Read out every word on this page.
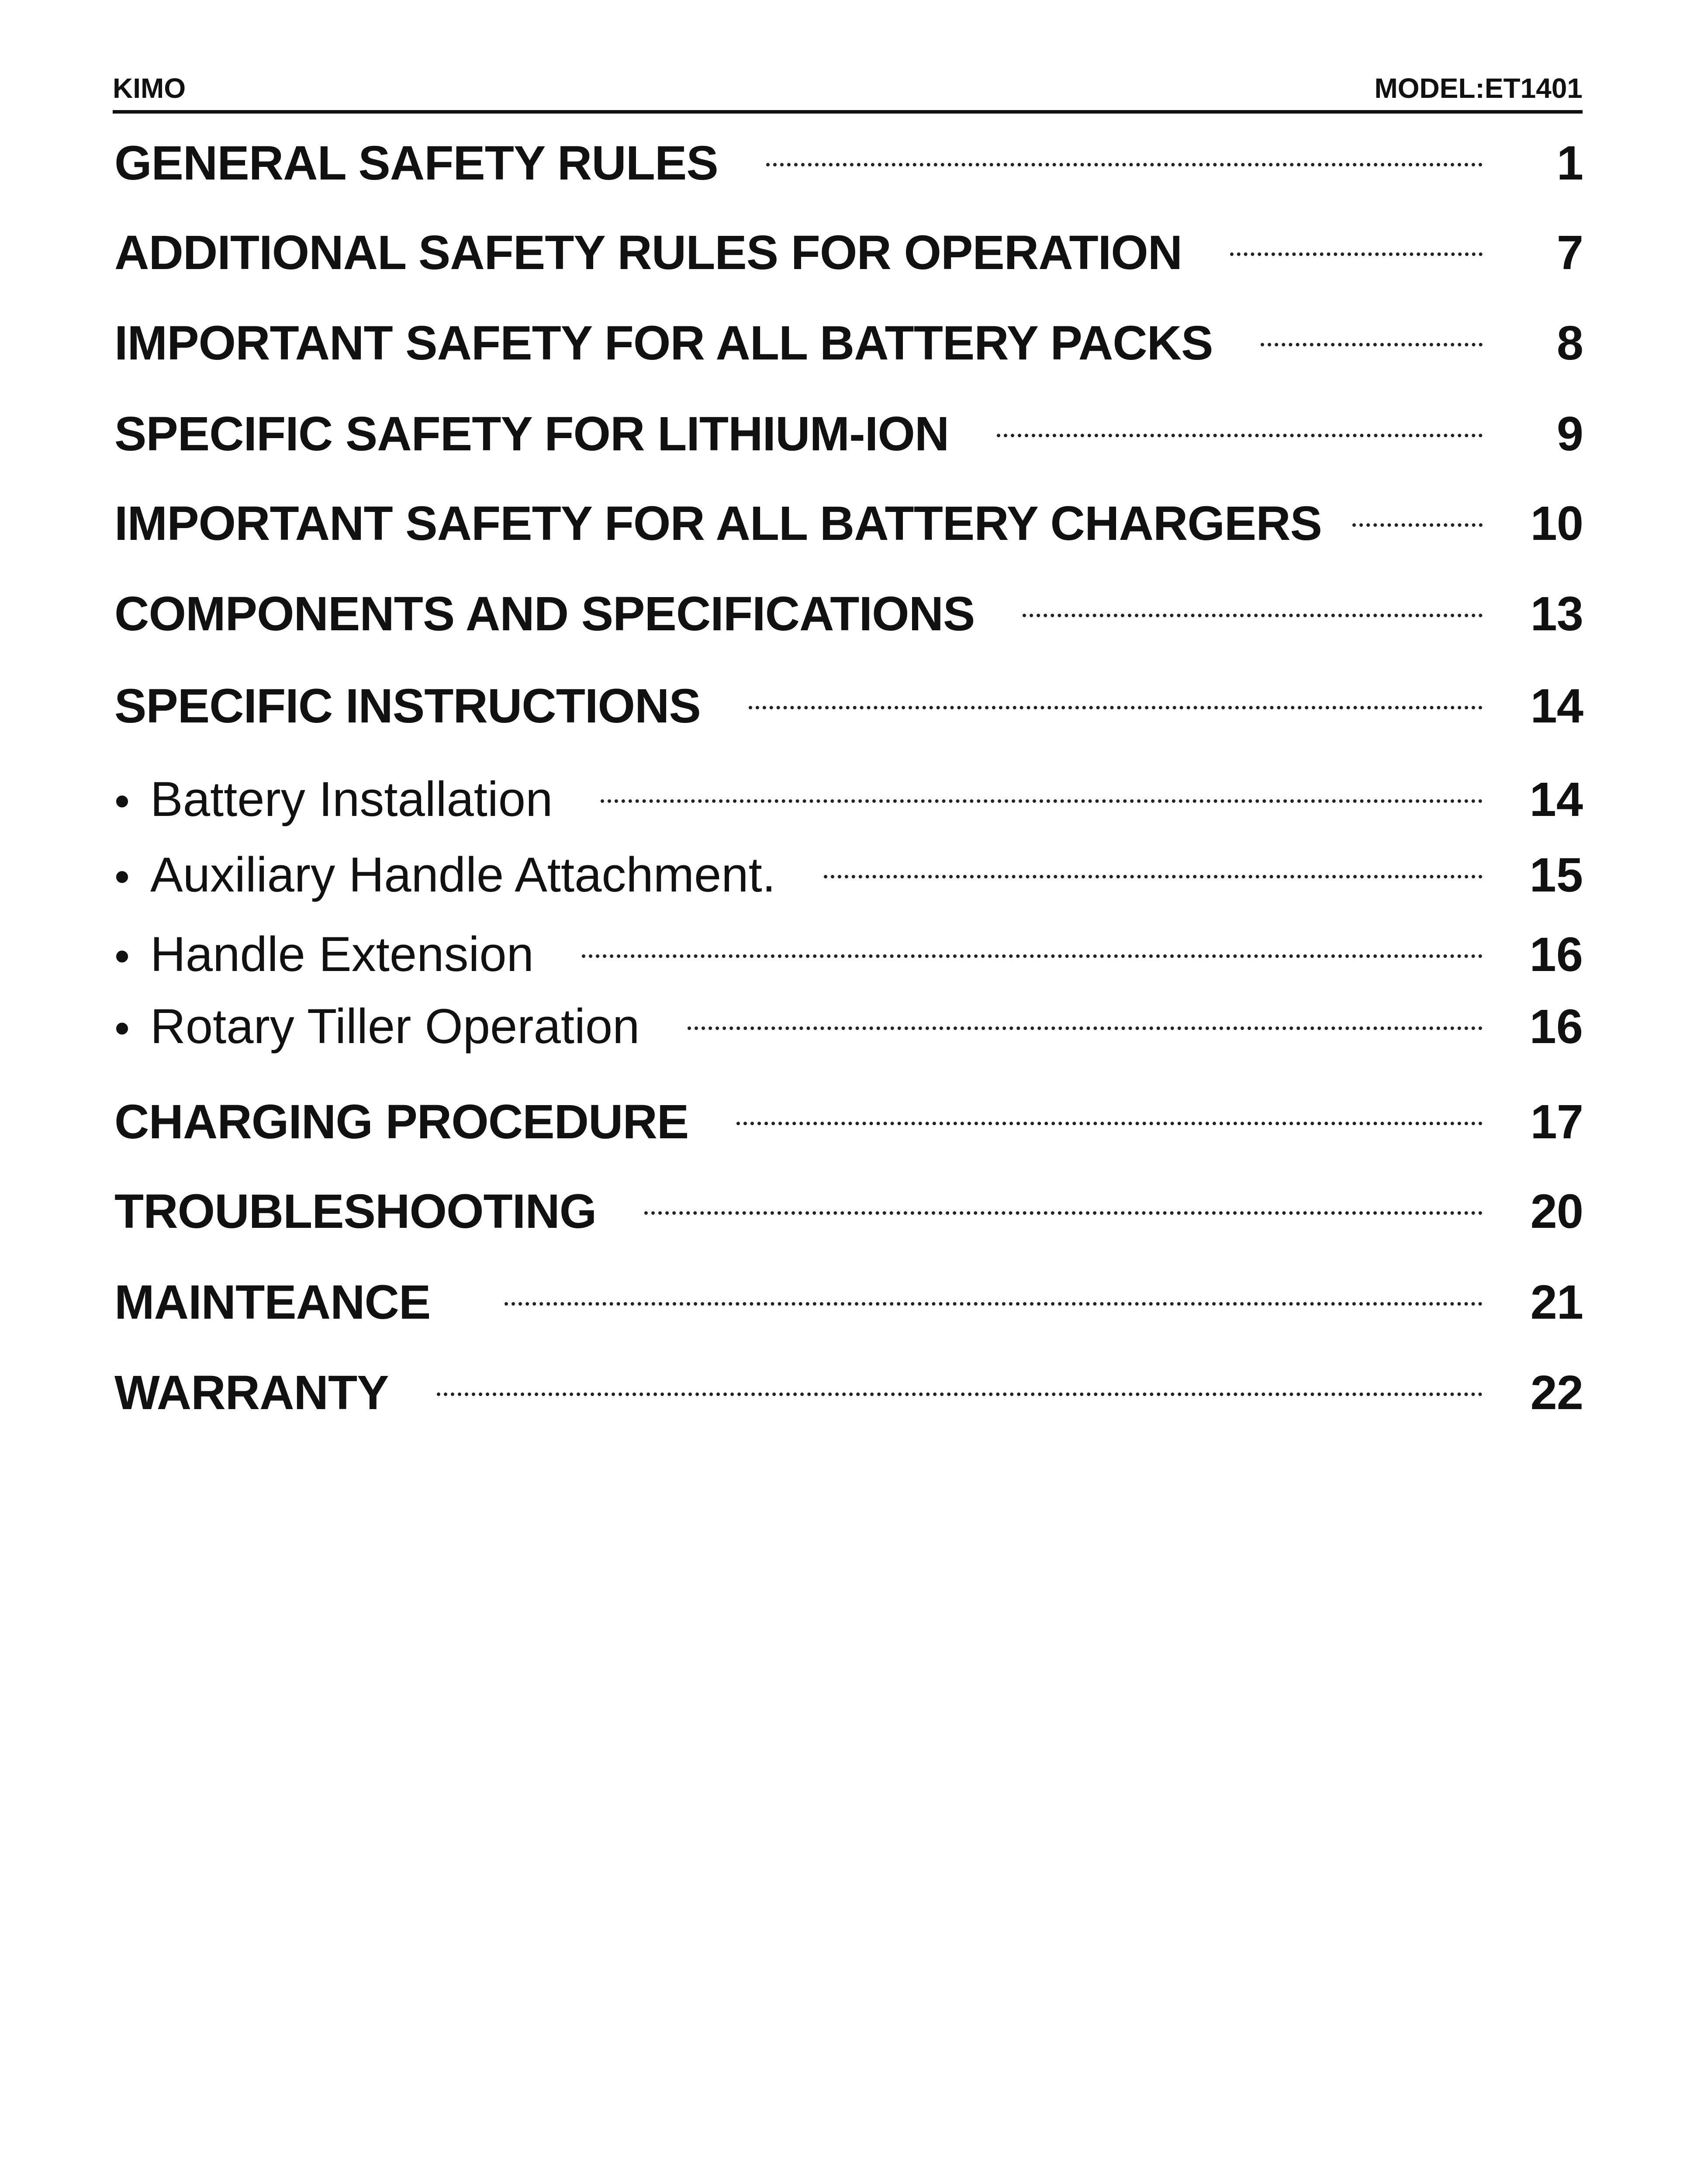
KIMO	MODEL:ET1401
GENERAL SAFETY RULES	1
ADDITIONAL SAFETY RULES FOR OPERATION	7
IMPORTANT SAFETY FOR ALL BATTERY PACKS	8
SPECIFIC SAFETY FOR LITHIUM-ION	9
IMPORTANT SAFETY FOR ALL BATTERY CHARGERS	10
COMPONENTS AND SPECIFICATIONS	13
SPECIFIC INSTRUCTIONS	14
• Battery Installation	14
• Auxiliary Handle Attachment.	15
• Handle Extension	16
• Rotary Tiller Operation	16
CHARGING PROCEDURE	17
TROUBLESHOOTING	20
MAINTEANCE	21
WARRANTY	22
